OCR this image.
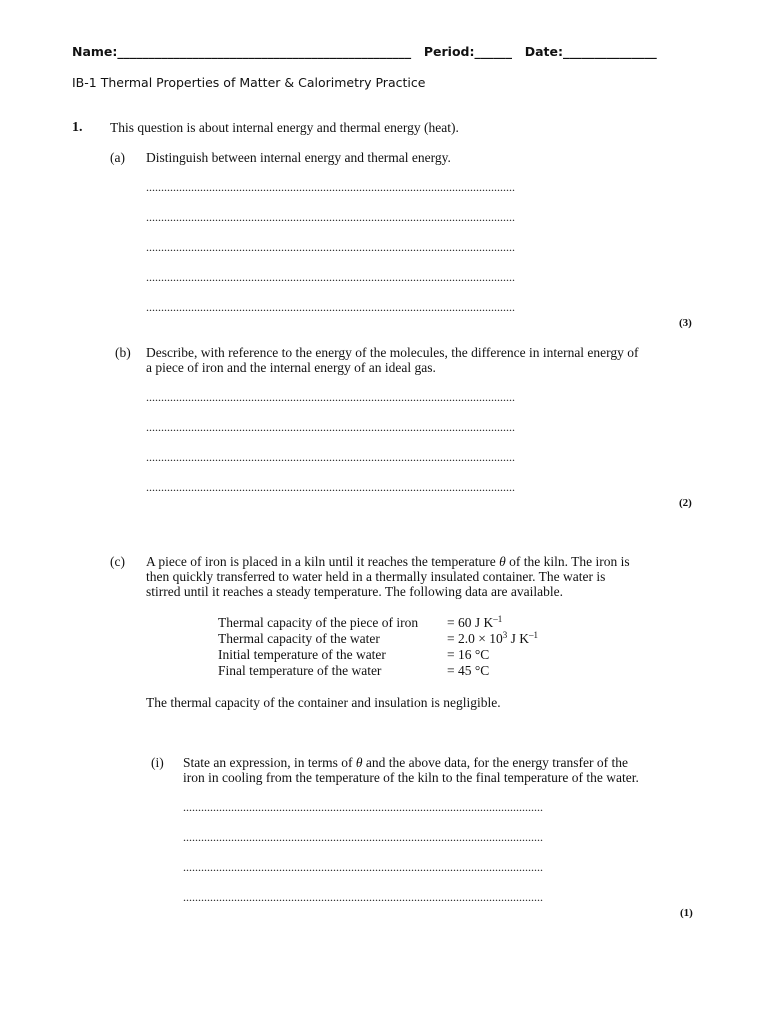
Name:_______________________________________________ Period:______ Date:_______________
IB-1 Thermal Properties of Matter & Calorimetry Practice
1. This question is about internal energy and thermal energy (heat).
(a) Distinguish between internal energy and thermal energy.
...........................................................................................................................
...........................................................................................................................
...........................................................................................................................
...........................................................................................................................
...........................................................................................................................
(3)
(b) Describe, with reference to the energy of the molecules, the difference in internal energy of
a piece of iron and the internal energy of an ideal gas.
...........................................................................................................................
...........................................................................................................................
...........................................................................................................................
...........................................................................................................................
(2)
(c) A piece of iron is placed in a kiln until it reaches the temperature θ of the kiln. The iron is
then quickly transferred to water held in a thermally insulated container. The water is
stirred until it reaches a steady temperature. The following data are available.
Thermal capacity of the piece of iron	= 60 J $K^{-1}$
Thermal capacity of the water	= $2.0 \times 10^3$ J $K^{-1}$
Initial temperature of the water	= 16 °C
Final temperature of the water	= 45 °C
The thermal capacity of the container and insulation is negligible.
(i) State an expression, in terms of θ and the above data, for the energy transfer of the
iron in cooling from the temperature of the kiln to the final temperature of the water.
........................................................................................................................
........................................................................................................................
........................................................................................................................
........................................................................................................................
(1)
